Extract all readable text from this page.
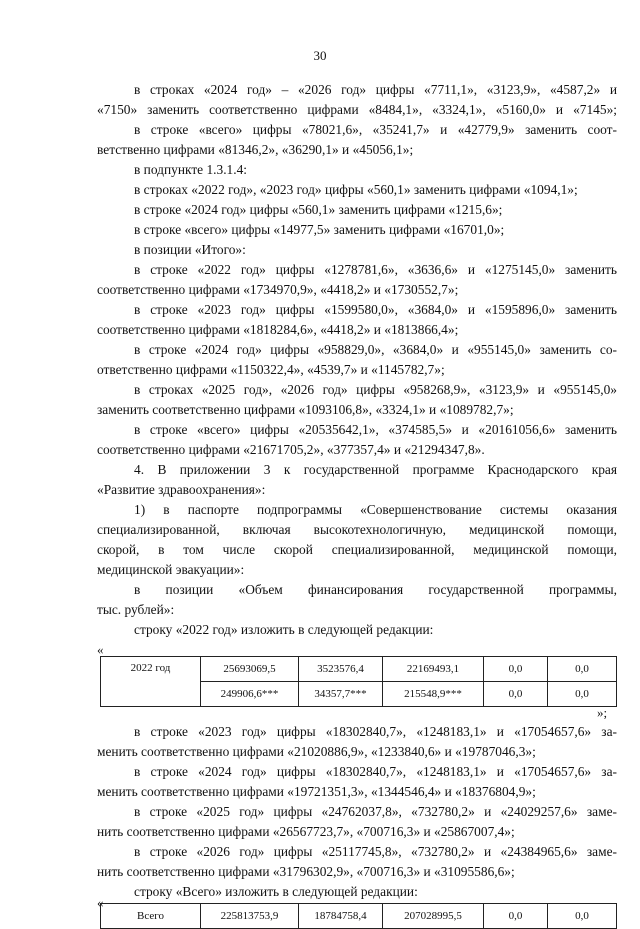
30
в строках «2024 год» – «2026 год» цифры «7711,1», «3123,9», «4587,2» и
«7150» заменить соответственно цифрами «8484,1», «3324,1», «5160,0» и «7145»;
в строке «всего» цифры «78021,6», «35241,7» и «42779,9» заменить соот-
ветственно цифрами «81346,2», «36290,1» и «45056,1»;
в подпункте 1.3.1.4:
в строках «2022 год», «2023 год» цифры «560,1» заменить цифрами «1094,1»;
в строке «2024 год» цифры «560,1» заменить цифрами «1215,6»;
в строке «всего» цифры «14977,5» заменить цифрами «16701,0»;
в позиции «Итого»:
в строке «2022 год» цифры «1278781,6», «3636,6» и «1275145,0» заменить
соответственно цифрами «1734970,9», «4418,2» и «1730552,7»;
в строке «2023 год» цифры «1599580,0», «3684,0» и «1595896,0» заменить
соответственно цифрами «1818284,6», «4418,2» и «1813866,4»;
в строке «2024 год» цифры «958829,0», «3684,0» и «955145,0» заменить со-
ответственно цифрами «1150322,4», «4539,7» и «1145782,7»;
в строках «2025 год», «2026 год» цифры «958268,9», «3123,9» и «955145,0»
заменить соответственно цифрами «1093106,8», «3324,1» и «1089782,7»;
в строке «всего» цифры «20535642,1», «374585,5» и «20161056,6» заменить
соответственно цифрами «21671705,2», «377357,4» и «21294347,8».
4. В приложении 3 к государственной программе Краснодарского края
«Развитие здравоохранения»:
1) в паспорте подпрограммы «Совершенствование системы оказания
специализированной, включая высокотехнологичную, медицинской помощи,
скорой, в том числе скорой специализированной, медицинской помощи,
медицинской эвакуации»:
в позиции «Объем финансирования государственной программы,
тыс. рублей»:
строку «2022 год» изложить в следующей редакции:
«
2022 год	25693069,5	3523576,4	22169493,1	0,0	0,0
	249906,6***	34357,7***	215548,9***	0,0	0,0
»;
в строке «2023 год» цифры «18302840,7», «1248183,1» и «17054657,6» за-
менить соответственно цифрами «21020886,9», «1233840,6» и «19787046,3»;
в строке «2024 год» цифры «18302840,7», «1248183,1» и «17054657,6» за-
менить соответственно цифрами «19721351,3», «1344546,4» и «18376804,9»;
в строке «2025 год» цифры «24762037,8», «732780,2» и «24029257,6» заме-
нить соответственно цифрами «26567723,7», «700716,3» и «25867007,4»;
в строке «2026 год» цифры «25117745,8», «732780,2» и «24384965,6» заме-
нить соответственно цифрами «31796302,9», «700716,3» и «31095586,6»;
строку «Всего» изложить в следующей редакции:
«
Всего	225813753,9	18784758,4	207028995,5	0,0	0,0
